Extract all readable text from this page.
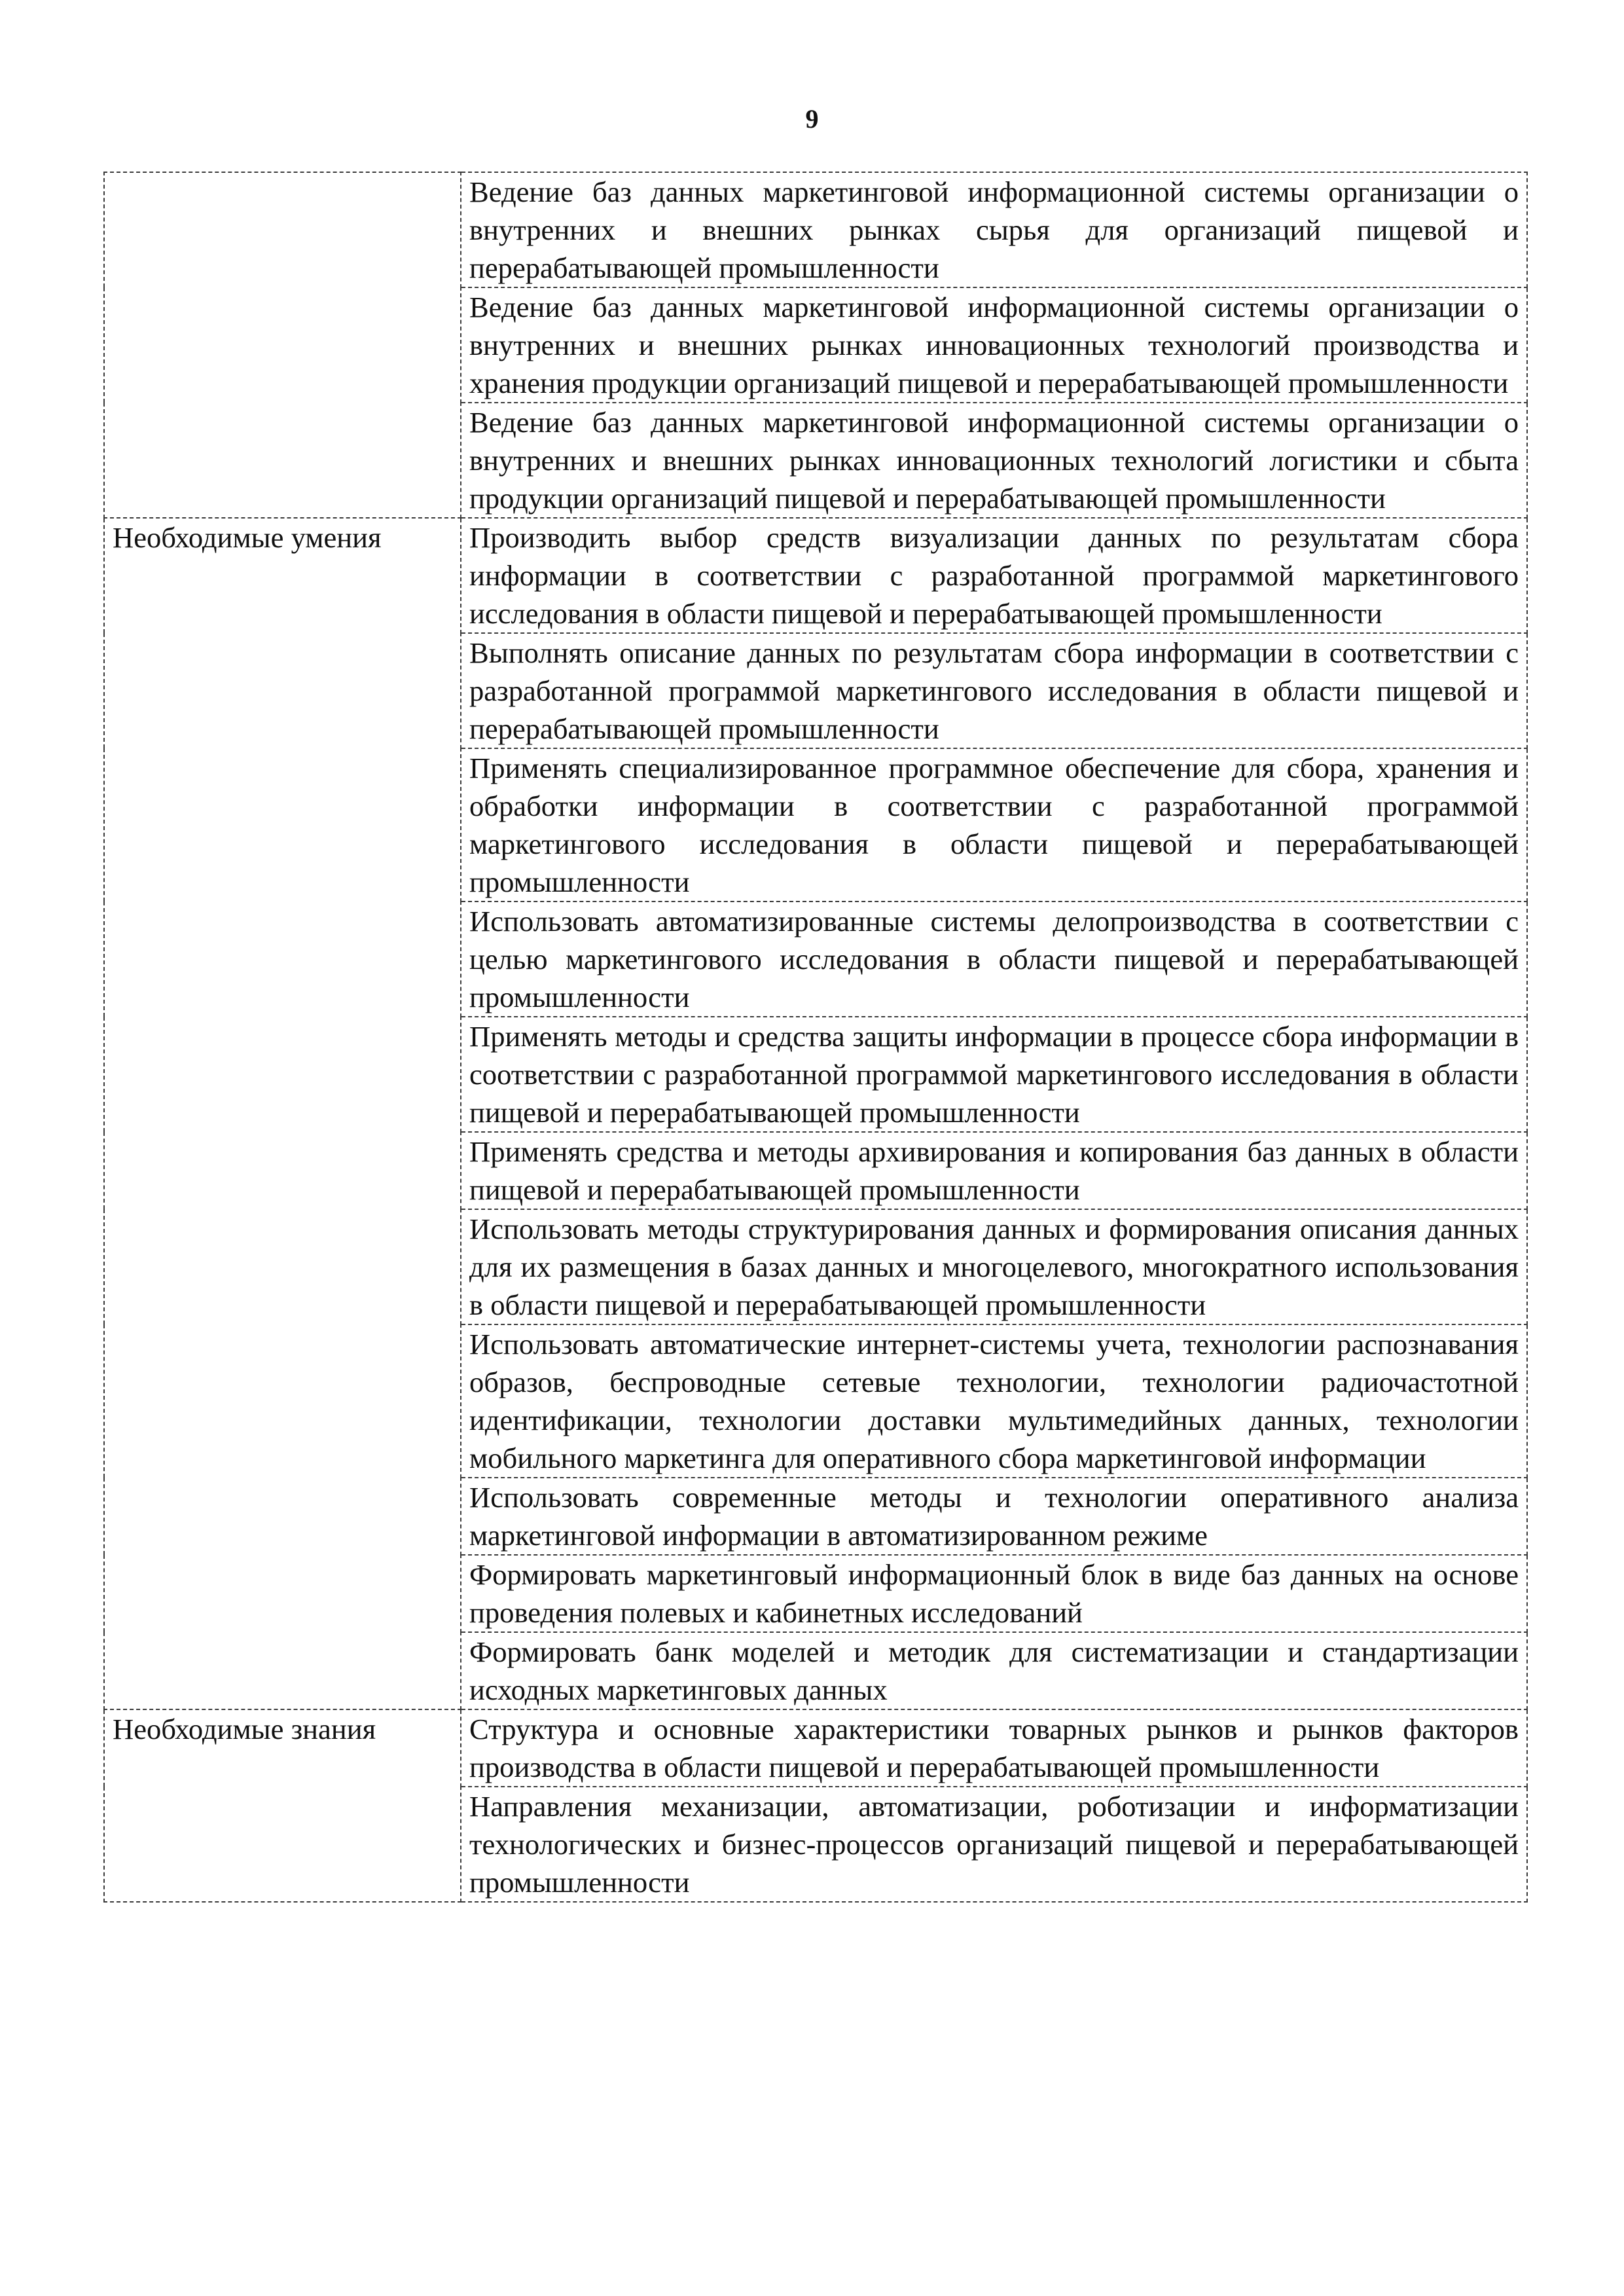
9
	Ведение баз данных маркетинговой информационной системы организации о внутренних и внешних рынках сырья для организаций пищевой и перерабатывающей промышленности
	Ведение баз данных маркетинговой информационной системы организации о внутренних и внешних рынках инновационных технологий производства и хранения продукции организаций пищевой и перерабатывающей промышленности
	Ведение баз данных маркетинговой информационной системы организации о внутренних и внешних рынках инновационных технологий логистики и сбыта продукции организаций пищевой и перерабатывающей промышленности
Необходимые умения	Производить выбор средств визуализации данных по результатам сбора информации в соответствии с разработанной программой маркетингового исследования в области пищевой и перерабатывающей промышленности
	Выполнять описание данных по результатам сбора информации в соответствии с разработанной программой маркетингового исследования в области пищевой и перерабатывающей промышленности
	Применять специализированное программное обеспечение для сбора, хранения и обработки информации в соответствии с разработанной программой маркетингового исследования в области пищевой и перерабатывающей промышленности
	Использовать автоматизированные системы делопроизводства в соответствии с целью маркетингового исследования в области пищевой и перерабатывающей промышленности
	Применять методы и средства защиты информации в процессе сбора информации в соответствии с разработанной программой маркетингового исследования в области пищевой и перерабатывающей промышленности
	Применять средства и методы архивирования и копирования баз данных в области пищевой и перерабатывающей промышленности
	Использовать методы структурирования данных и формирования описания данных для их размещения в базах данных и многоцелевого, многократного использования в области пищевой и перерабатывающей промышленности
	Использовать автоматические интернет-системы учета, технологии распознавания образов, беспроводные сетевые технологии, технологии радиочастотной идентификации, технологии доставки мультимедийных данных, технологии мобильного маркетинга для оперативного сбора маркетинговой информации
	Использовать современные методы и технологии оперативного анализа маркетинговой информации в автоматизированном режиме
	Формировать маркетинговый информационный блок в виде баз данных на основе проведения полевых и кабинетных исследований
	Формировать банк моделей и методик для систематизации и стандартизации исходных маркетинговых данных
Необходимые знания	Структура и основные характеристики товарных рынков и рынков факторов производства в области пищевой и перерабатывающей промышленности
	Направления механизации, автоматизации, роботизации и информатизации технологических и бизнес-процессов организаций пищевой и перерабатывающей промышленности
